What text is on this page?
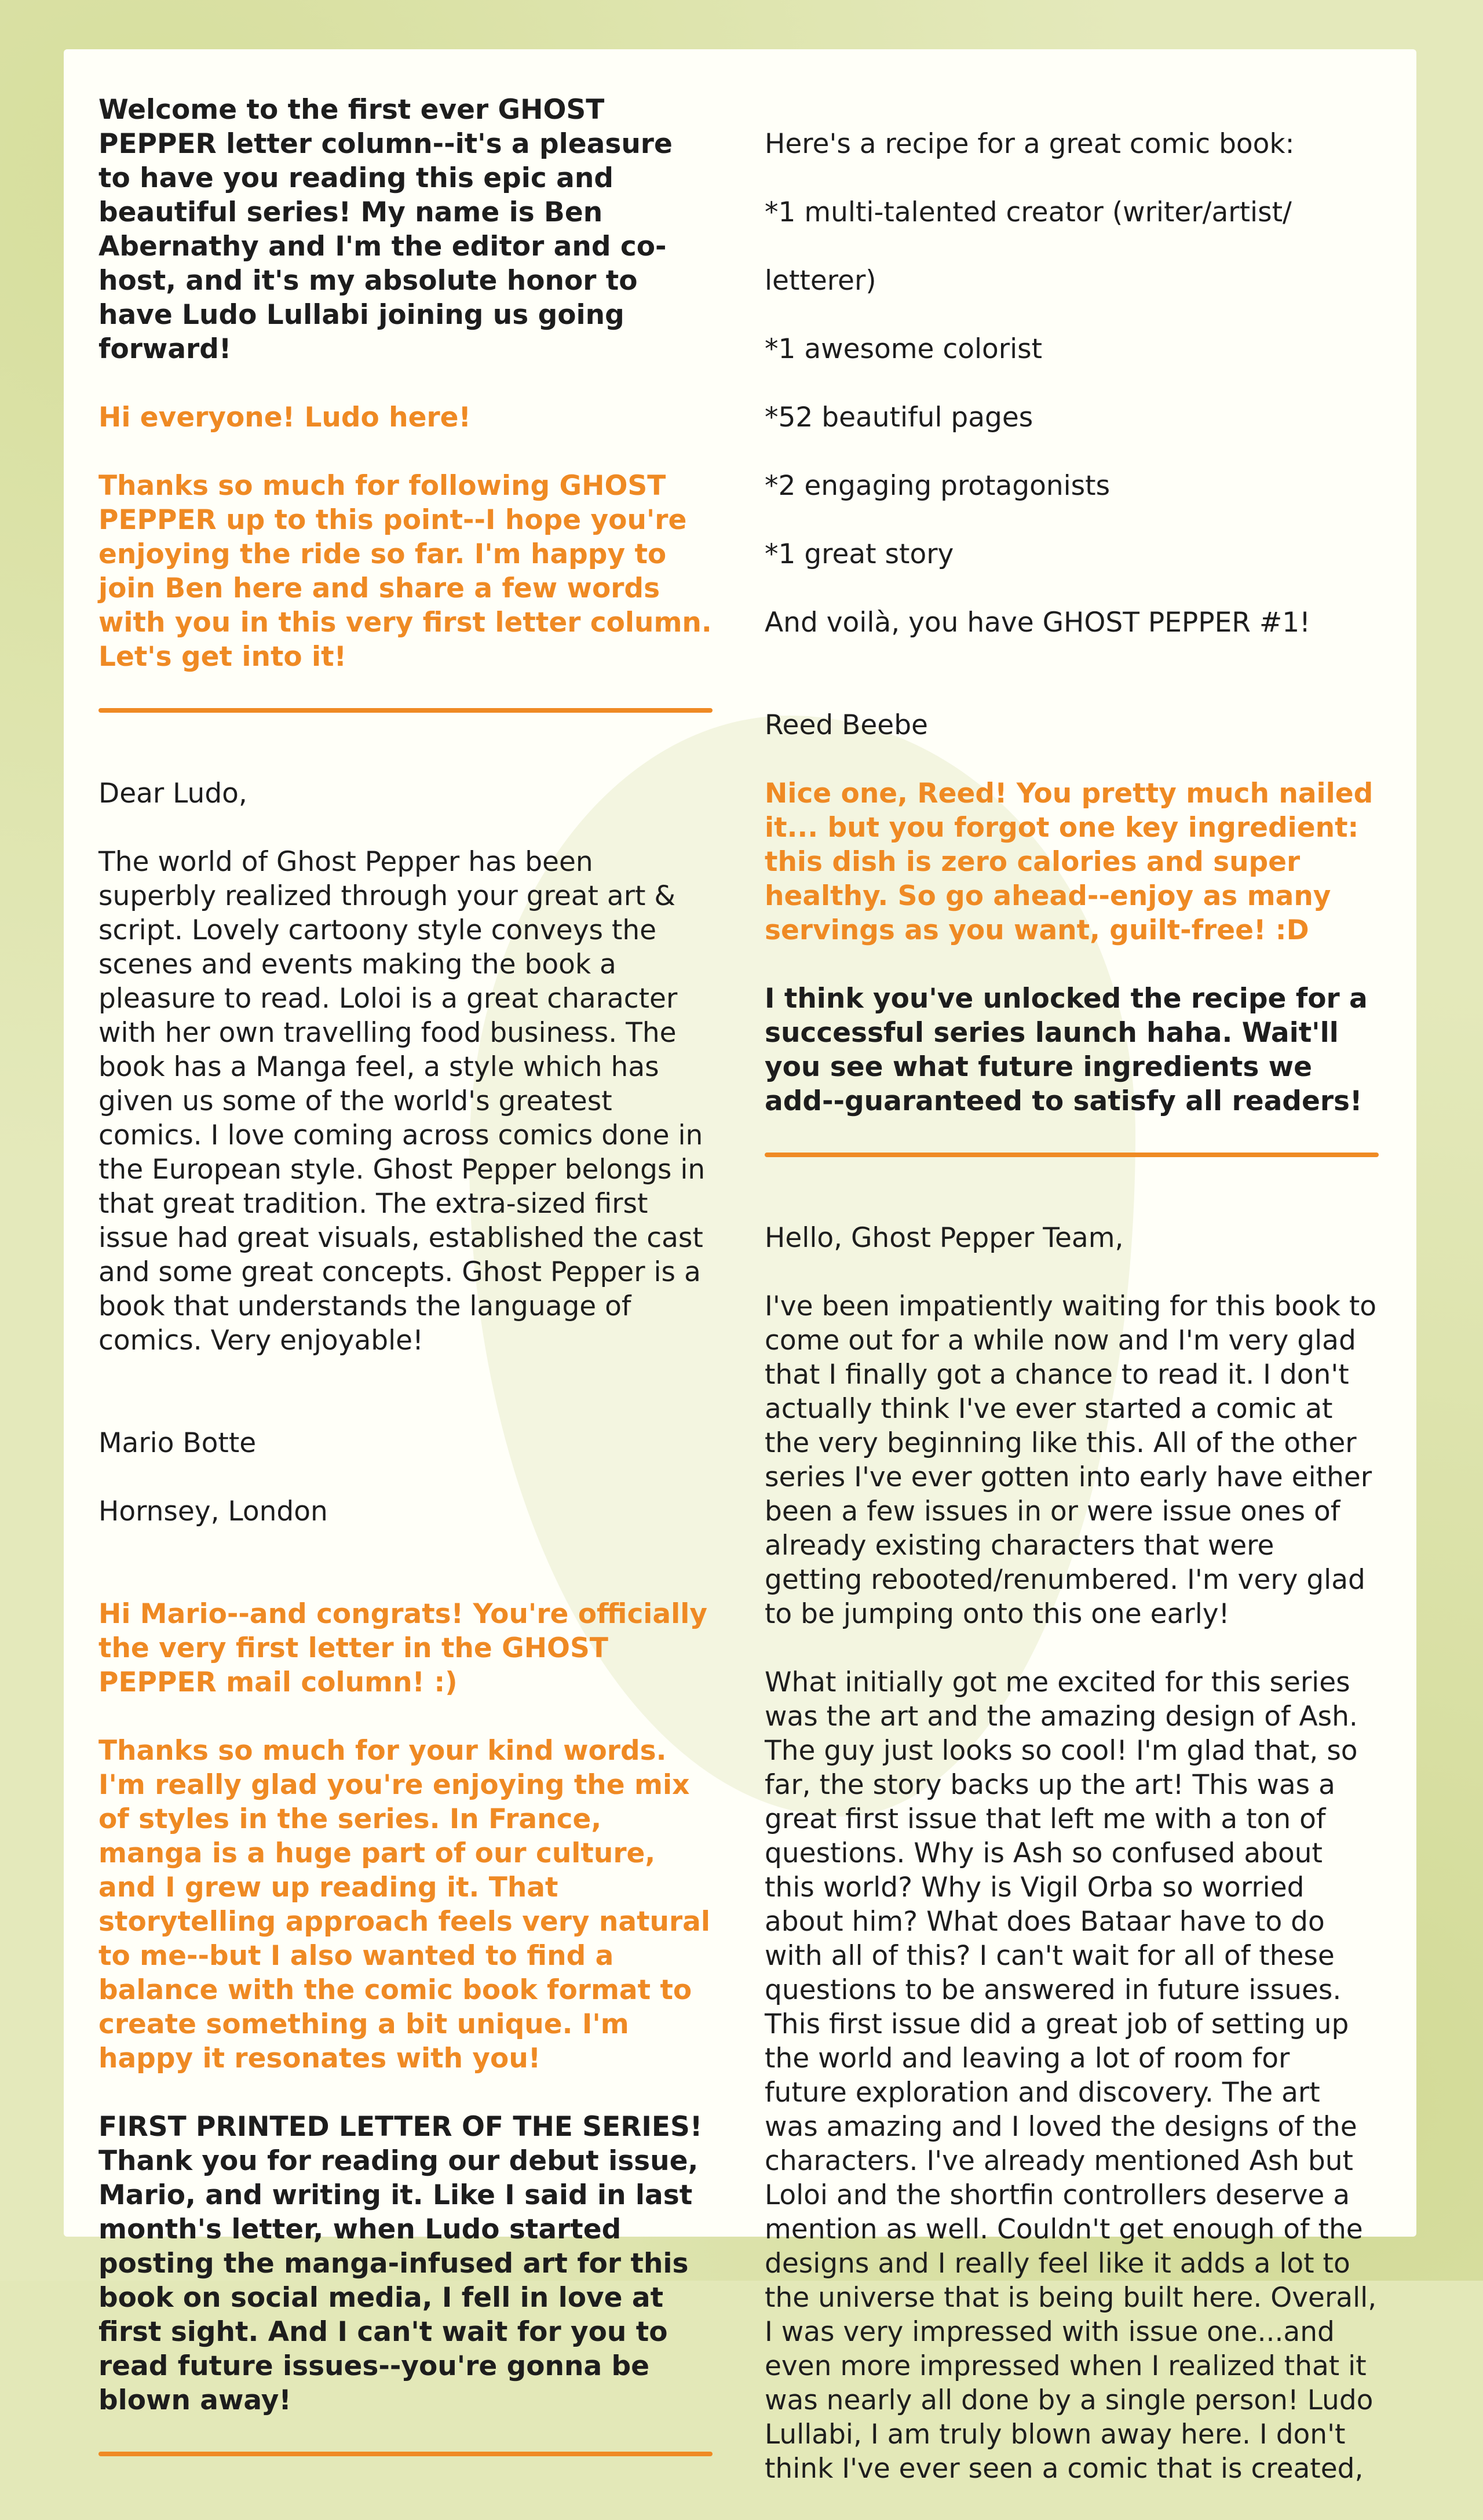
Welcome to the first ever GHOST PEPPER letter column--it's a pleasure to have you reading this epic and beautiful series! My name is Ben Abernathy and I'm the editor and co-host, and it's my absolute honor to have Ludo Lullabi joining us going forward!

Hi everyone! Ludo here!

Thanks so much for following GHOST PEPPER up to this point--I hope you're enjoying the ride so far. I'm happy to join Ben here and share a few words with you in this very first letter column. Let's get into it!

Dear Ludo,

The world of Ghost Pepper has been superbly realized through your great art & script. Lovely cartoony style conveys the scenes and events making the book a pleasure to read. Loloi is a great character with her own travelling food business. The book has a Manga feel, a style which has given us some of the world's greatest comics. I love coming across comics done in the European style. Ghost Pepper belongs in that great tradition. The extra-sized first issue had great visuals, established the cast and some great concepts. Ghost Pepper is a book that understands the language of comics. Very enjoyable!

Mario Botte

Hornsey, London

Hi Mario--and congrats! You're officially the very first letter in the GHOST PEPPER mail column! :)

Thanks so much for your kind words. I'm really glad you're enjoying the mix of styles in the series. In France, manga is a huge part of our culture, and I grew up reading it. That storytelling approach feels very natural to me--but I also wanted to find a balance with the comic book format to create something a bit unique. I'm happy it resonates with you!

FIRST PRINTED LETTER OF THE SERIES! Thank you for reading our debut issue, Mario, and writing it. Like I said in last month's letter, when Ludo started posting the manga-infused art for this book on social media, I fell in love at first sight. And I can't wait for you to read future issues--you're gonna be blown away!

Here's a recipe for a great comic book:

*1 multi-talented creator (writer/artist/

letterer)

*1 awesome colorist

*52 beautiful pages

*2 engaging protagonists

*1 great story

And voilà, you have GHOST PEPPER #1!

Reed Beebe

Nice one, Reed! You pretty much nailed it... but you forgot one key ingredient: this dish is zero calories and super healthy. So go ahead--enjoy as many servings as you want, guilt-free! :D

I think you've unlocked the recipe for a successful series launch haha. Wait'll you see what future ingredients we add--guaranteed to satisfy all readers!

Hello, Ghost Pepper Team,

I've been impatiently waiting for this book to come out for a while now and I'm very glad that I finally got a chance to read it. I don't actually think I've ever started a comic at the very beginning like this. All of the other series I've ever gotten into early have either been a few issues in or were issue ones of already existing characters that were getting rebooted/renumbered. I'm very glad to be jumping onto this one early!

What initially got me excited for this series was the art and the amazing design of Ash. The guy just looks so cool! I'm glad that, so far, the story backs up the art! This was a great first issue that left me with a ton of questions. Why is Ash so confused about this world? Why is Vigil Orba so worried about him? What does Bataar have to do with all of this? I can't wait for all of these questions to be answered in future issues. This first issue did a great job of setting up the world and leaving a lot of room for future exploration and discovery. The art was amazing and I loved the designs of the characters. I've already mentioned Ash but Loloi and the shortfin controllers deserve a mention as well. Couldn't get enough of the designs and I really feel like it adds a lot to the universe that is being built here. Overall, I was very impressed with issue one...and even more impressed when I realized that it was nearly all done by a single person! Ludo Lullabi, I am truly blown away here. I don't think I've ever seen a comic that is created,
